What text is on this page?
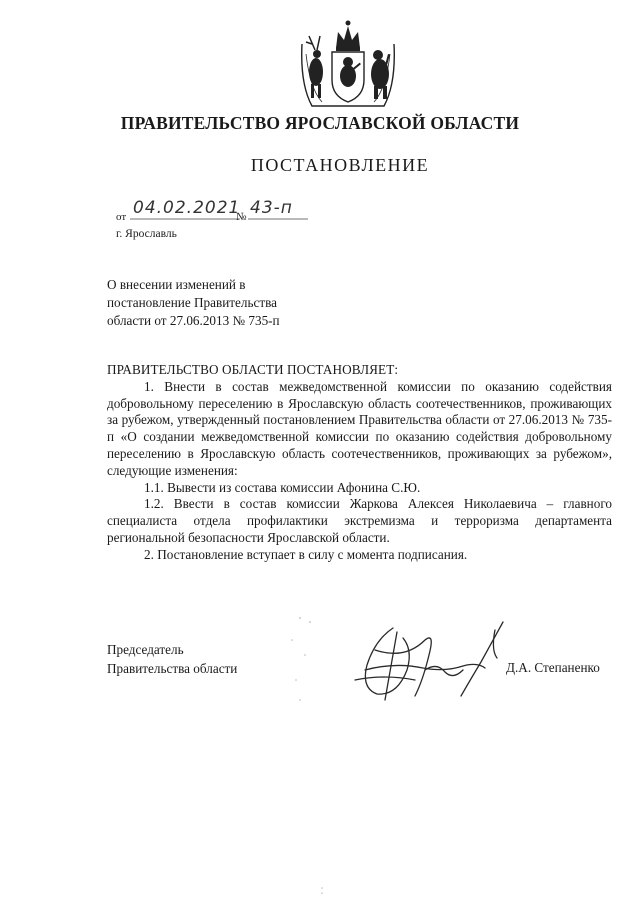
ПРАВИТЕЛЬСТВО ЯРОСЛАВСКОЙ ОБЛАСТИ
ПОСТАНОВЛЕНИЕ
от 04.02.2021
№ 43-п
г. Ярославль
О внесении изменений в
постановление Правительства
области от 27.06.2013 № 735-п

ПРАВИТЕЛЬСТВО ОБЛАСТИ ПОСТАНОВЛЯЕТ:

1. Внести в состав межведомственной комиссии по оказанию содействия добровольному переселению в Ярославскую область соотечественников, проживающих за рубежом, утвержденный постановлением Правительства области от 27.06.2013 № 735-п «О создании межведомственной комиссии по оказанию содействия добровольному переселению в Ярославскую область соотечественников, проживающих за рубежом», следующие изменения:

1.1. Вывести из состава комиссии Афонина С.Ю.

1.2. Ввести в состав комиссии Жаркова Алексея Николаевича – главного специалиста отдела профилактики экстремизма и терроризма департамента региональной безопасности Ярославской области.

2. Постановление вступает в силу с момента подписания.

Председатель
Правительства области	Д.А. Степаненко
